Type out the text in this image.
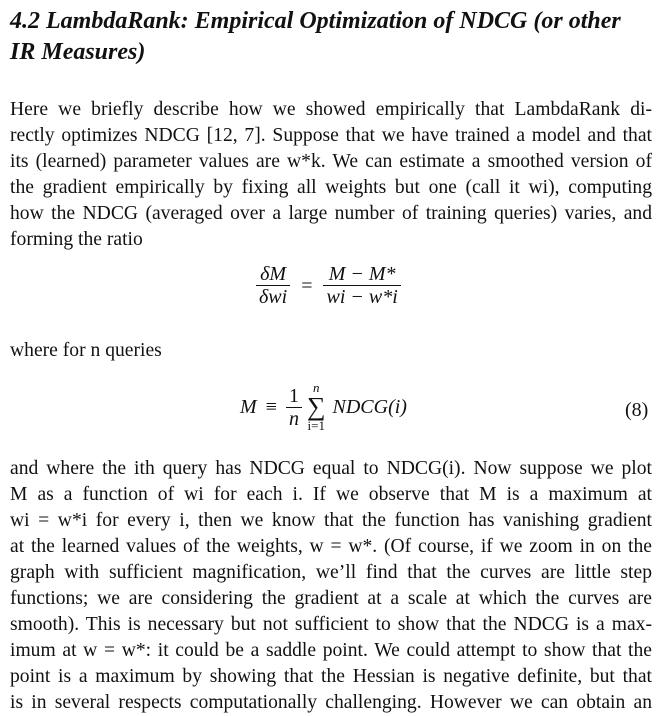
4.2 LambdaRank: Empirical Optimization of NDCG (or other
IR Measures)
Here we briefly describe how we showed empirically that LambdaRank di-
rectly optimizes NDCG [12, 7]. Suppose that we have trained a model and that
its (learned) parameter values are w*k. We can estimate a smoothed version of
the gradient empirically by fixing all weights but one (call it wi), computing
how the NDCG (averaged over a large number of training queries) varies, and
forming the ratio
$\frac{\delta M}{\text{δwi}} = \frac{M - M*}{wi - w*i}$
where for n queries
$M \equiv \frac{1}{n}$
n
∑
i=1
NDCG(i)	(8)
and where the ith query has NDCG equal to NDCG(i). Now suppose we plot
M as a function of wi for each i. If we observe that M is a maximum at
wi = w*i for every i, then we know that the function has vanishing gradient
at the learned values of the weights, w = w*. (Of course, if we zoom in on the
graph with sufficient magnification, we’ll find that the curves are little step
functions; we are considering the gradient at a scale at which the curves are
smooth). This is necessary but not sufficient to show that the NDCG is a max-
imum at w = w*: it could be a saddle point. We could attempt to show that the
point is a maximum by showing that the Hessian is negative definite, but that
is in several respects computationally challenging. However we can obtain an
